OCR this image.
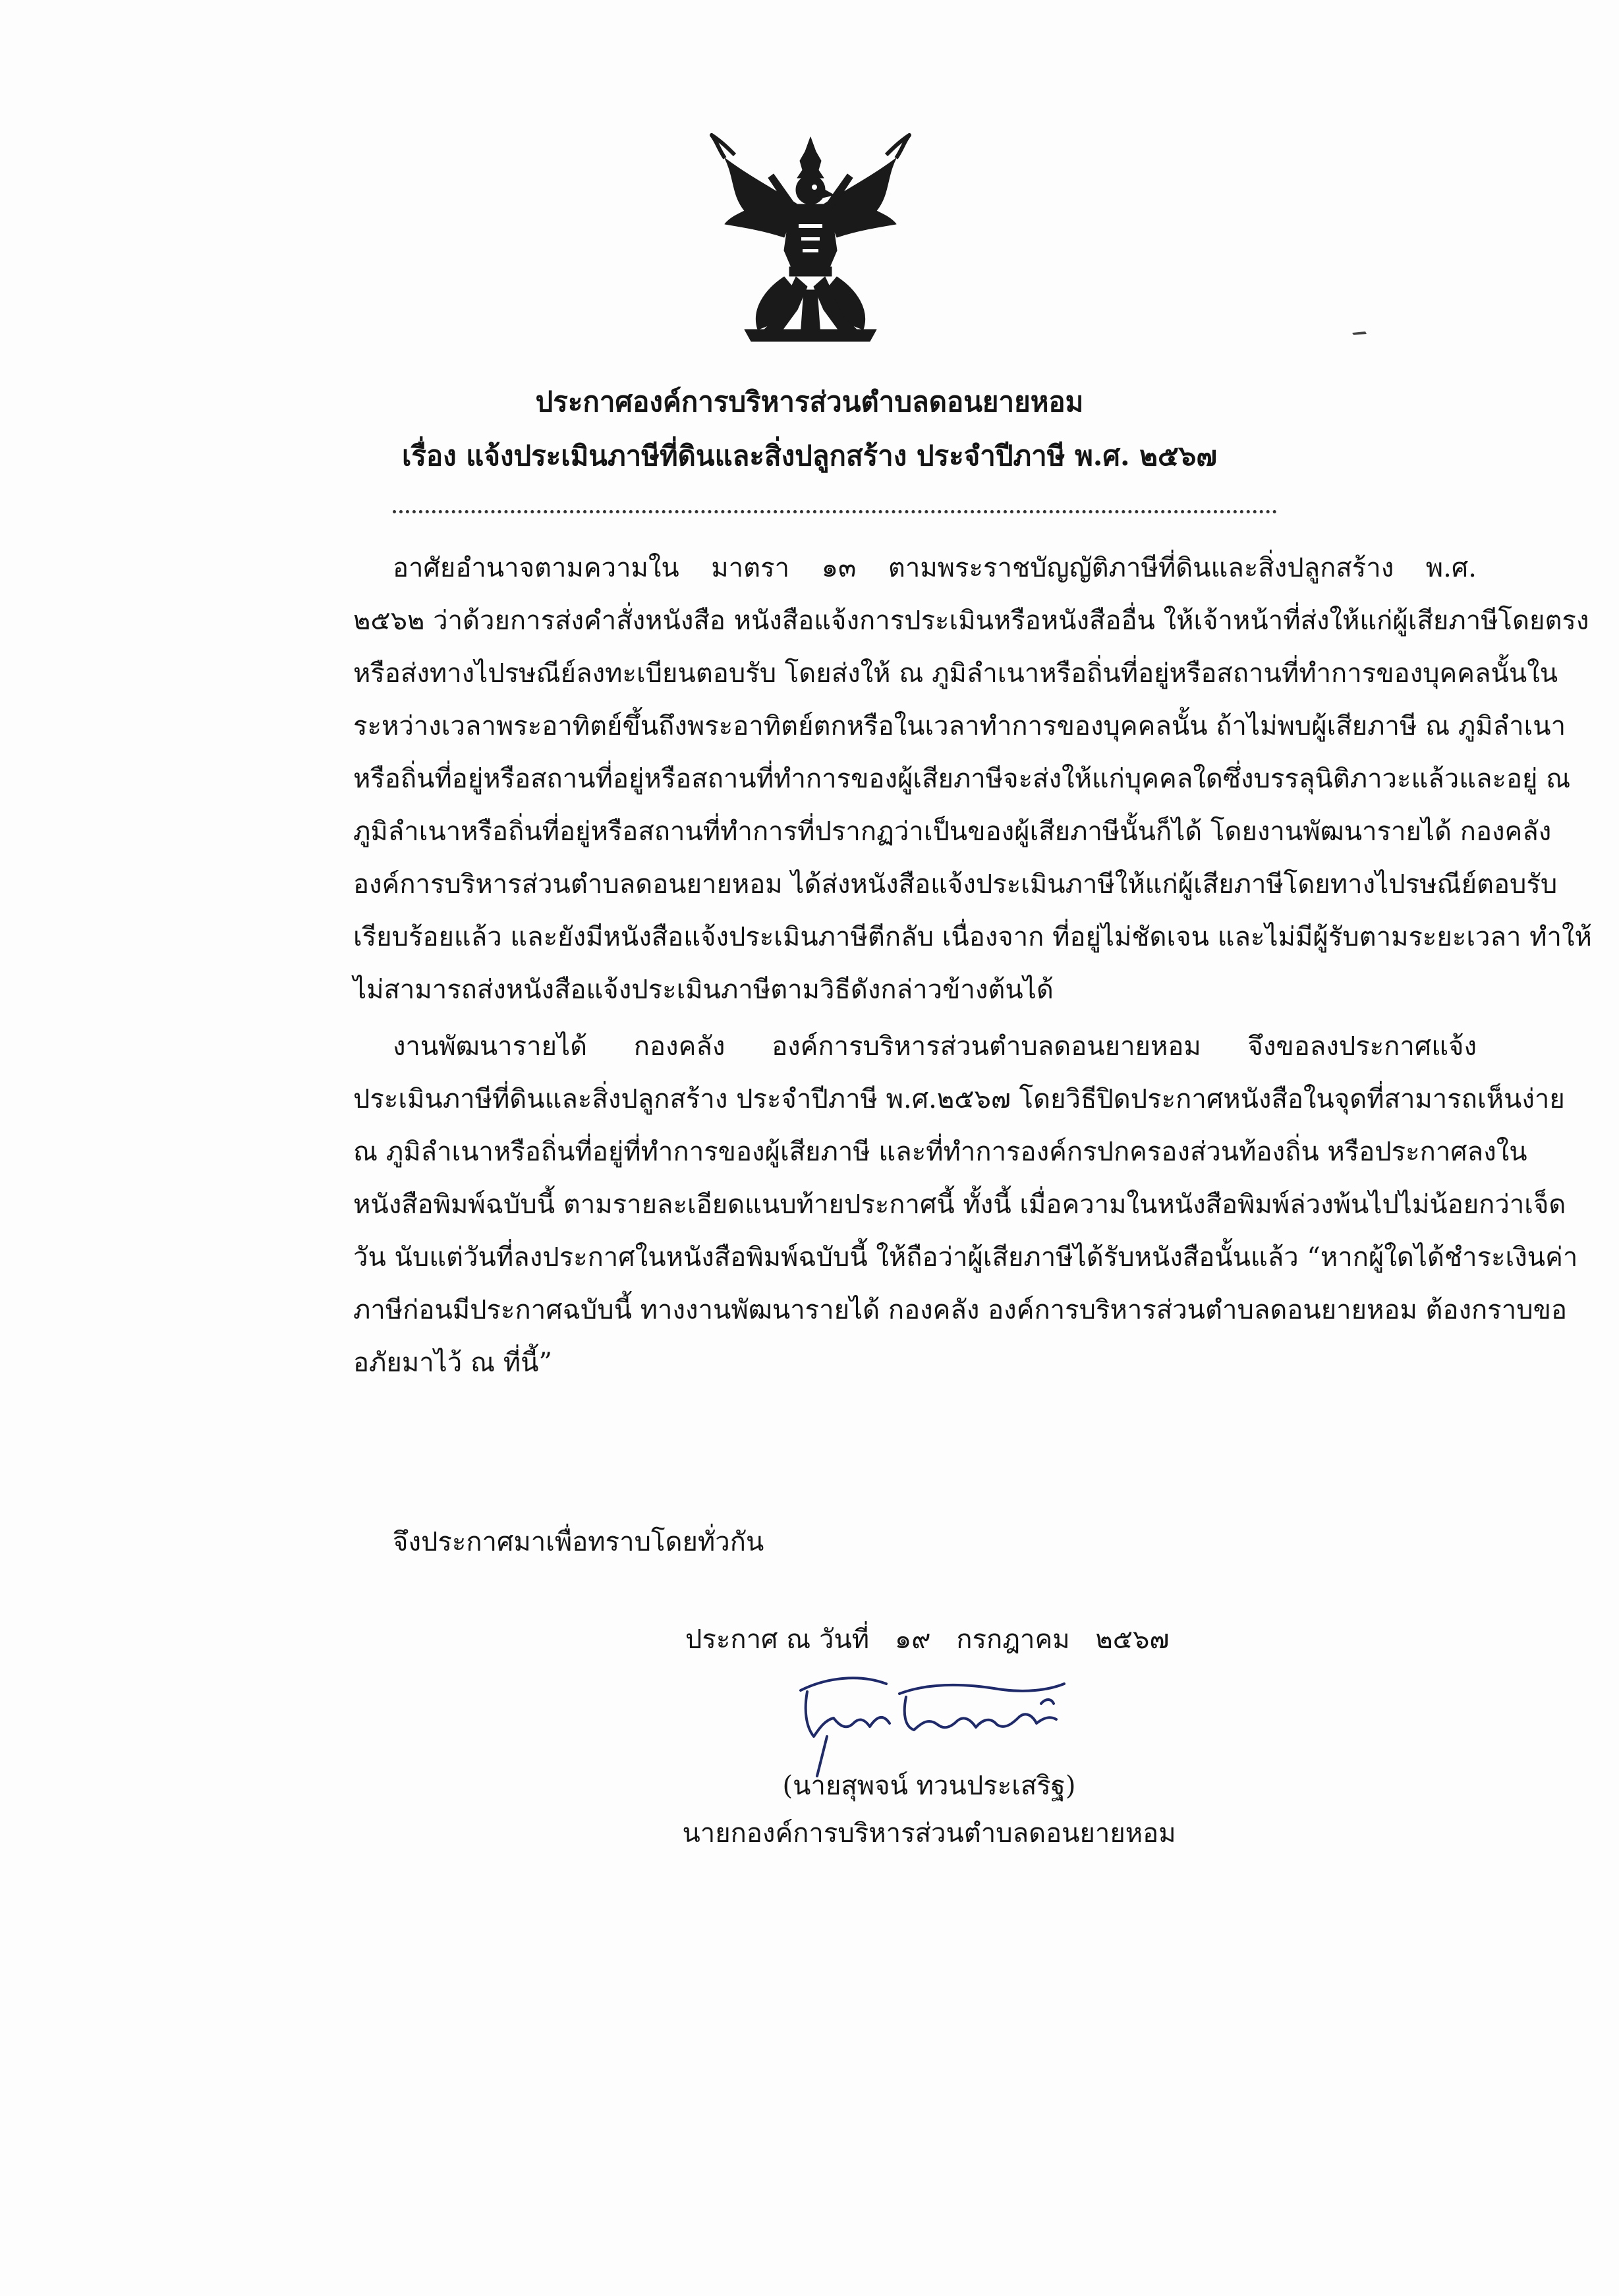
ประกาศองค์การบริหารส่วนตำบลดอนยายหอม
เรื่อง แจ้งประเมินภาษีที่ดินและสิ่งปลูกสร้าง ประจำปีภาษี พ.ศ. ๒๕๖๗
อาศัยอำนาจตามความใน มาตรา ๑๓ ตามพระราชบัญญัติภาษีที่ดินและสิ่งปลูกสร้าง พ.ศ.
๒๕๖๒ ว่าด้วยการส่งคำสั่งหนังสือ หนังสือแจ้งการประเมินหรือหนังสืออื่น ให้เจ้าหน้าที่ส่งให้แก่ผู้เสียภาษีโดยตรง
หรือส่งทางไปรษณีย์ลงทะเบียนตอบรับ โดยส่งให้ ณ ภูมิลำเนาหรือถิ่นที่อยู่หรือสถานที่ทำการของบุคคลนั้นใน
ระหว่างเวลาพระอาทิตย์ขึ้นถึงพระอาทิตย์ตกหรือในเวลาทำการของบุคคลนั้น ถ้าไม่พบผู้เสียภาษี ณ ภูมิลำเนา
หรือถิ่นที่อยู่หรือสถานที่อยู่หรือสถานที่ทำการของผู้เสียภาษีจะส่งให้แก่บุคคลใดซึ่งบรรลุนิติภาวะแล้วและอยู่ ณ
ภูมิลำเนาหรือถิ่นที่อยู่หรือสถานที่ทำการที่ปรากฏว่าเป็นของผู้เสียภาษีนั้นก็ได้ โดยงานพัฒนารายได้ กองคลัง
องค์การบริหารส่วนตำบลดอนยายหอม ได้ส่งหนังสือแจ้งประเมินภาษีให้แก่ผู้เสียภาษีโดยทางไปรษณีย์ตอบรับ
เรียบร้อยแล้ว และยังมีหนังสือแจ้งประเมินภาษีตีกลับ เนื่องจาก ที่อยู่ไม่ชัดเจน และไม่มีผู้รับตามระยะเวลา ทำให้
ไม่สามารถส่งหนังสือแจ้งประเมินภาษีตามวิธีดังกล่าวข้างต้นได้
งานพัฒนารายได้ กองคลัง องค์การบริหารส่วนตำบลดอนยายหอม จึงขอลงประกาศแจ้ง
ประเมินภาษีที่ดินและสิ่งปลูกสร้าง ประจำปีภาษี พ.ศ.๒๕๖๗ โดยวิธีปิดประกาศหนังสือในจุดที่สามารถเห็นง่าย
ณ ภูมิลำเนาหรือถิ่นที่อยู่ที่ทำการของผู้เสียภาษี และที่ทำการองค์กรปกครองส่วนท้องถิ่น หรือประกาศลงใน
หนังสือพิมพ์ฉบับนี้ ตามรายละเอียดแนบท้ายประกาศนี้ ทั้งนี้ เมื่อความในหนังสือพิมพ์ล่วงพ้นไปไม่น้อยกว่าเจ็ด
วัน นับแต่วันที่ลงประกาศในหนังสือพิมพ์ฉบับนี้ ให้ถือว่าผู้เสียภาษีได้รับหนังสือนั้นแล้ว “หากผู้ใดได้ชำระเงินค่า
ภาษีก่อนมีประกาศฉบับนี้ ทางงานพัฒนารายได้ กองคลัง องค์การบริหารส่วนตำบลดอนยายหอม ต้องกราบขอ
อภัยมาไว้ ณ ที่นี้”
จึงประกาศมาเพื่อทราบโดยทั่วกัน
ประกาศ ณ วันที่ ๑๙ กรกฎาคม ๒๕๖๗
(นายสุพจน์ ทวนประเสริฐ)
นายกองค์การบริหารส่วนตำบลดอนยายหอม
